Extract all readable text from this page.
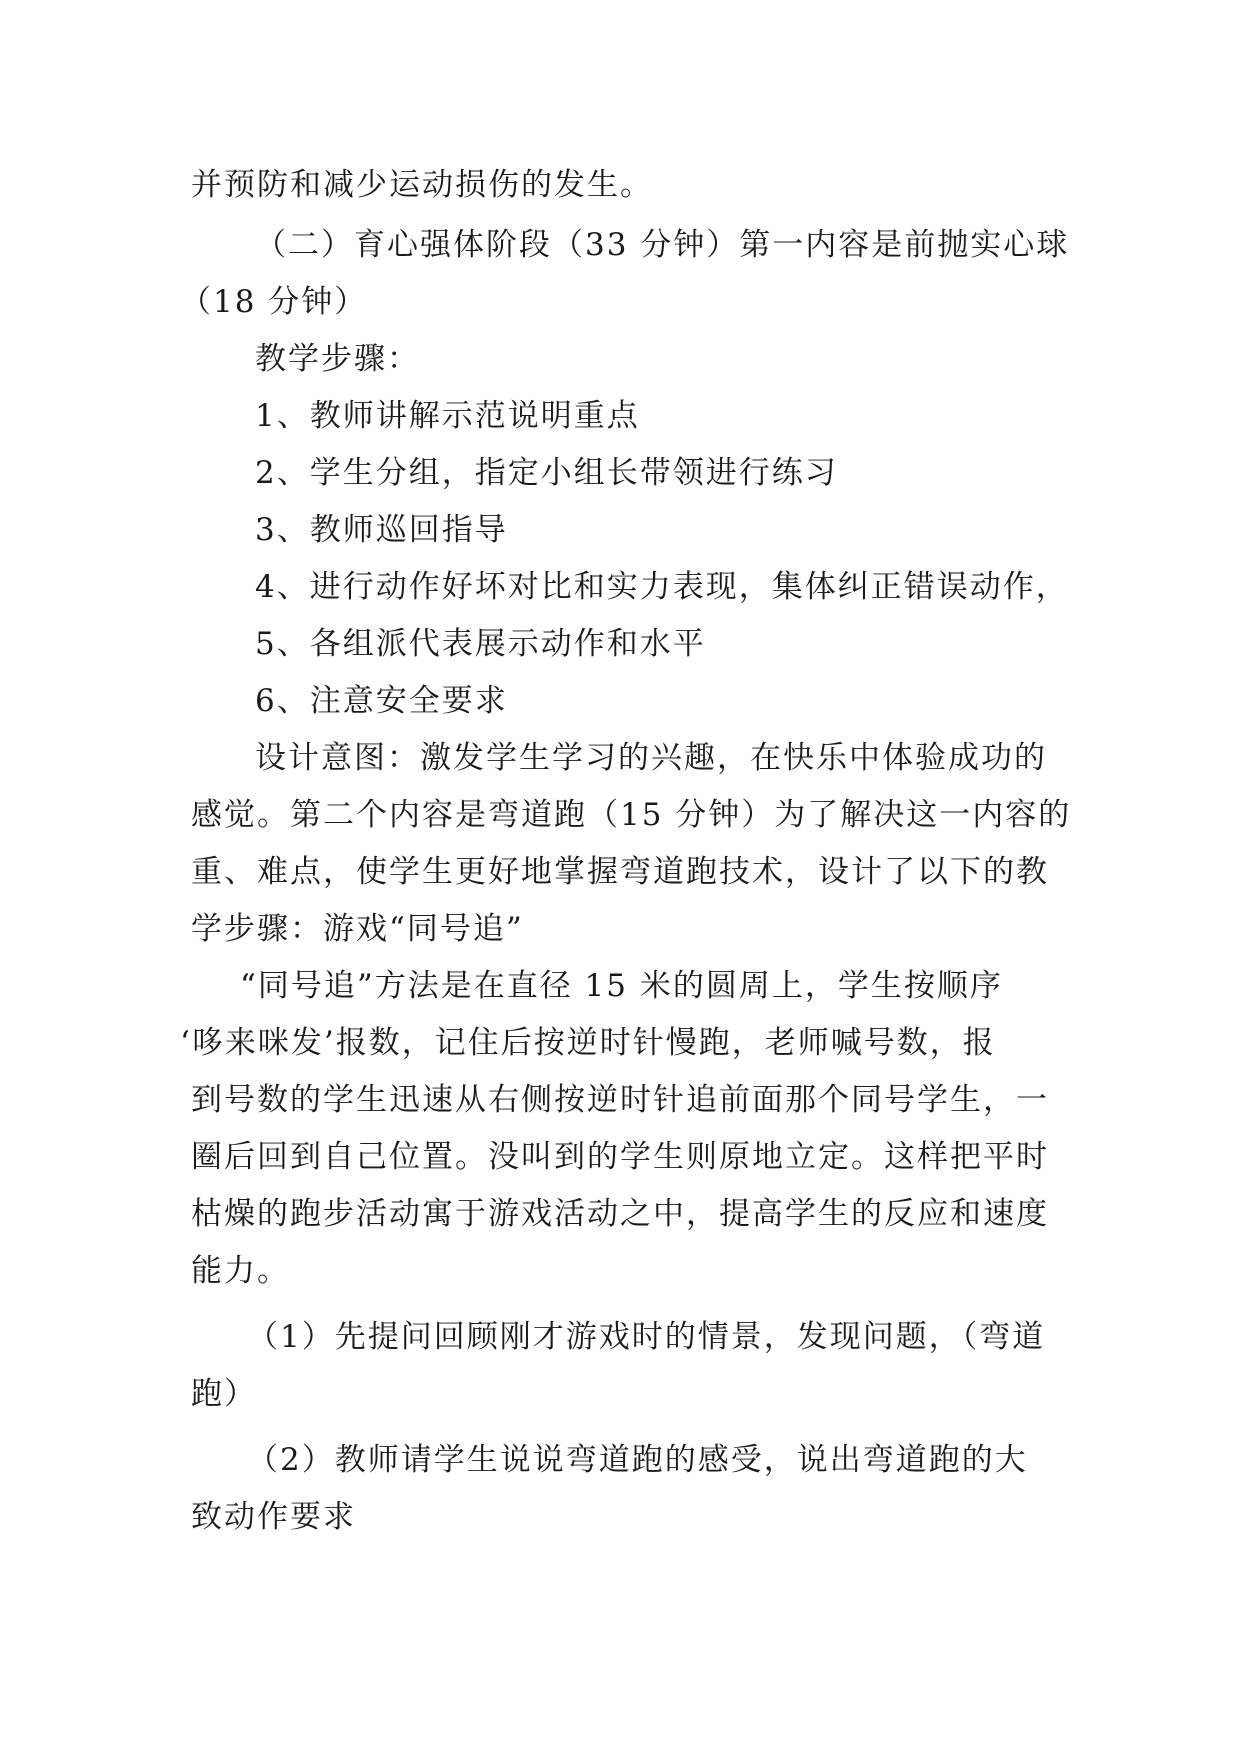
并预防和减少运动损伤的发生。
（二）育心强体阶段（33 分钟）第一内容是前抛实心球
（18 分钟）
教学步骤：
1、教师讲解示范说明重点
2、学生分组，指定小组长带领进行练习
3、教师巡回指导
4、进行动作好坏对比和实力表现，集体纠正错误动作，
5、各组派代表展示动作和水平
6、注意安全要求
设计意图：激发学生学习的兴趣，在快乐中体验成功的
感觉。第二个内容是弯道跑（15 分钟）为了解决这一内容的
重、难点，使学生更好地掌握弯道跑技术，设计了以下的教
学步骤：游戏“同号追”
“同号追”方法是在直径 15 米的圆周上，学生按顺序
‘哆来咪发’报数，记住后按逆时针慢跑，老师喊号数，报
到号数的学生迅速从右侧按逆时针追前面那个同号学生，一
圈后回到自己位置。没叫到的学生则原地立定。这样把平时
枯燥的跑步活动寓于游戏活动之中，提高学生的反应和速度
能力。
（1）先提问回顾刚才游戏时的情景，发现问题，（弯道
跑）
（2）教师请学生说说弯道跑的感受，说出弯道跑的大
致动作要求
